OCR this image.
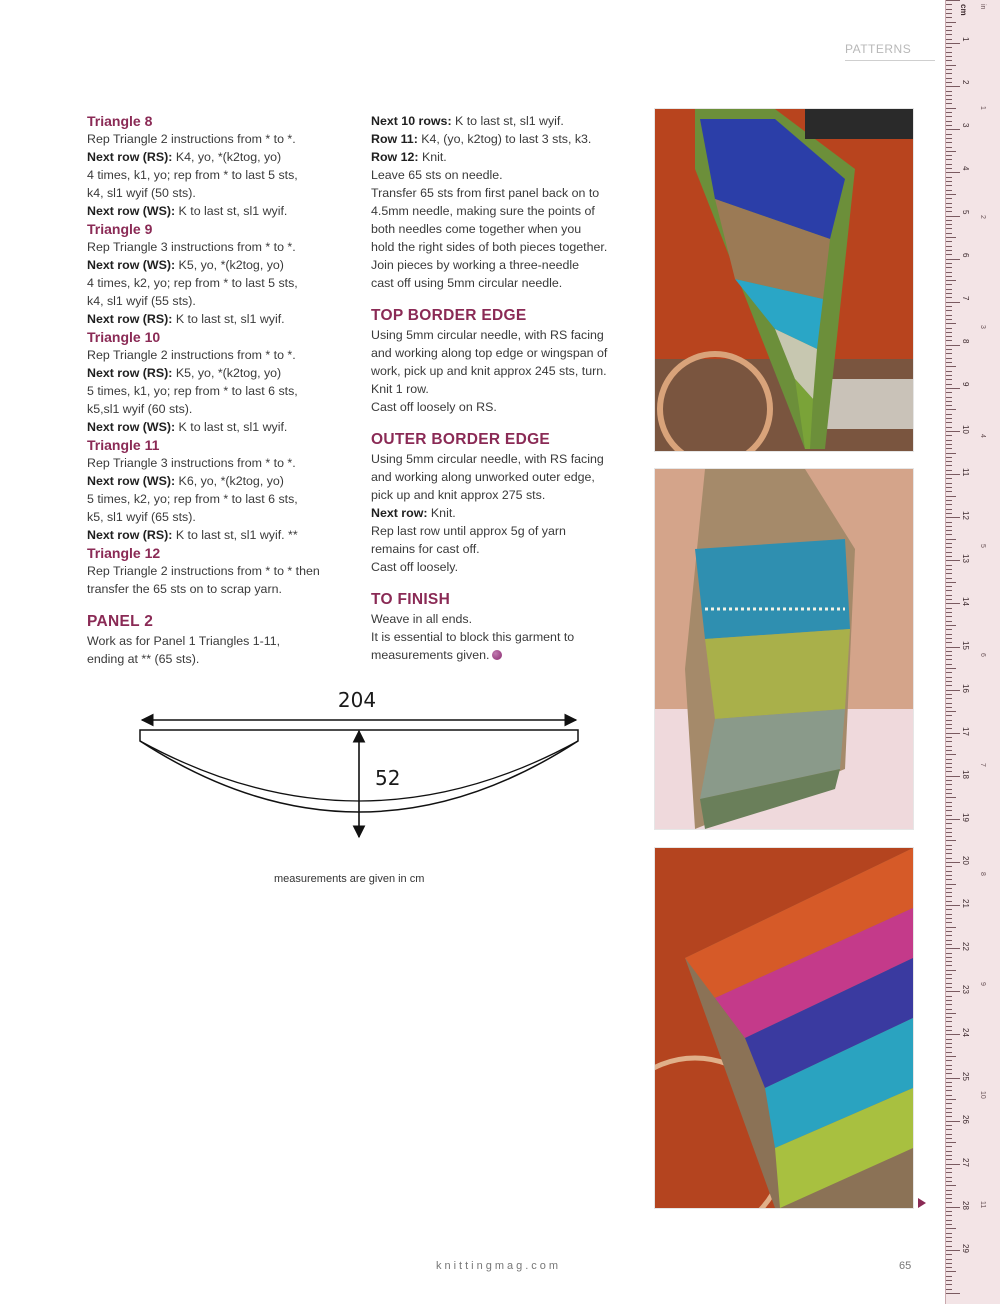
PATTERNS
Triangle 8
Rep Triangle 2 instructions from * to *.
Next row (RS): K4, yo, *(k2tog, yo)
4 times, k1, yo; rep from * to last 5 sts,
k4, sl1 wyif (50 sts).
Next row (WS): K to last st, sl1 wyif.
Triangle 9
Rep Triangle 3 instructions from * to *.
Next row (WS): K5, yo, *(k2tog, yo)
4 times, k2, yo; rep from * to last 5 sts,
k4, sl1 wyif (55 sts).
Next row (RS): K to last st, sl1 wyif.
Triangle 10
Rep Triangle 2 instructions from * to *.
Next row (RS): K5, yo, *(k2tog, yo)
5 times, k1, yo; rep from * to last 6 sts,
k5,sl1 wyif (60 sts).
Next row (WS): K to last st, sl1 wyif.
Triangle 11
Rep Triangle 3 instructions from * to *.
Next row (WS): K6, yo, *(k2tog, yo)
5 times, k2, yo; rep from * to last 6 sts,
k5, sl1 wyif (65 sts).
Next row (RS): K to last st, sl1 wyif. **
Triangle 12
Rep Triangle 2 instructions from * to * then
transfer the 65 sts on to scrap yarn.
PANEL 2
Work as for Panel 1 Triangles 1-11,
ending at ** (65 sts).
Next 10 rows: K to last st, sl1 wyif.
Row 11: K4, (yo, k2tog) to last 3 sts, k3.
Row 12: Knit.
Leave 65 sts on needle.
Transfer 65 sts from first panel back on to
4.5mm needle, making sure the points of
both needles come together when you
hold the right sides of both pieces together.
Join pieces by working a three-needle
cast off using 5mm circular needle.
TOP BORDER EDGE
Using 5mm circular needle, with RS facing
and working along top edge or wingspan of
work, pick up and knit approx 245 sts, turn.
Knit 1 row.
Cast off loosely on RS.
OUTER BORDER EDGE
Using 5mm circular needle, with RS facing
and working along unworked outer edge,
pick up and knit approx 275 sts.
Next row: Knit.
Rep last row until approx 5g of yarn
remains for cast off.
Cast off loosely.
TO FINISH
Weave in all ends.
It is essential to block this garment to
measurements given.
204
52
measurements are given in cm
cm in
1
2
3
4
5
6
7
8
9
10
11
12
13
14
15
16
17
18
19
20
21
22
23
24
25
26
27
28
29
1
2
3
4
5
6
7
8
9
10
11
knittingmag.com	65
